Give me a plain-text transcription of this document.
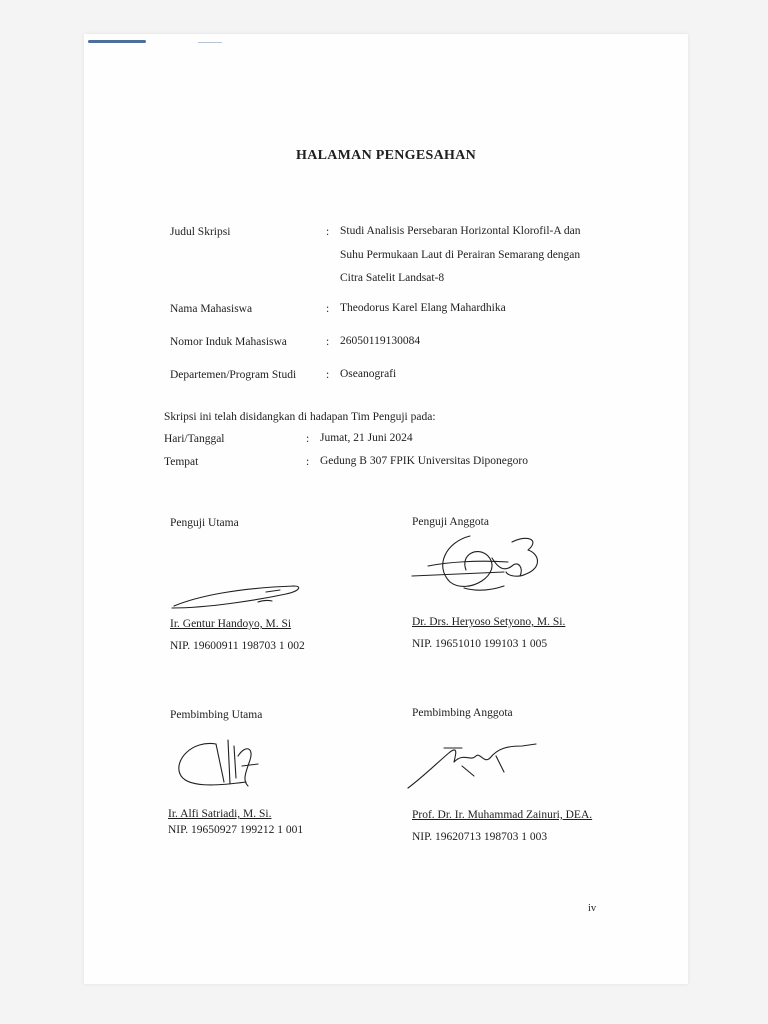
HALAMAN PENGESAHAN
Judul Skripsi	: Studi Analisis Persebaran Horizontal Klorofil-A dan
Suhu Permukaan Laut di Perairan Semarang dengan
Citra Satelit Landsat-8
Nama Mahasiswa	: Theodorus Karel Elang Mahardhika
Nomor Induk Mahasiswa	: 26050119130084
Departemen/Program Studi	: Oseanografi
Skripsi ini telah disidangkan di hadapan Tim Penguji pada:
Hari/Tanggal	: Jumat, 21 Juni 2024
Tempat	: Gedung B 307 FPIK Universitas Diponegoro
Penguji Utama
Ir. Gentur Handoyo, M. Si
NIP. 19600911 198703 1 002
Penguji Anggota
Dr. Drs. Heryoso Setyono, M. Si.
NIP. 19651010 199103 1 005
Pembimbing Utama
Ir. Alfi Satriadi, M. Si.
NIP. 19650927 199212 1 001
Pembimbing Anggota
Prof. Dr. Ir. Muhammad Zainuri, DEA.
NIP. 19620713 198703 1 003
iv
